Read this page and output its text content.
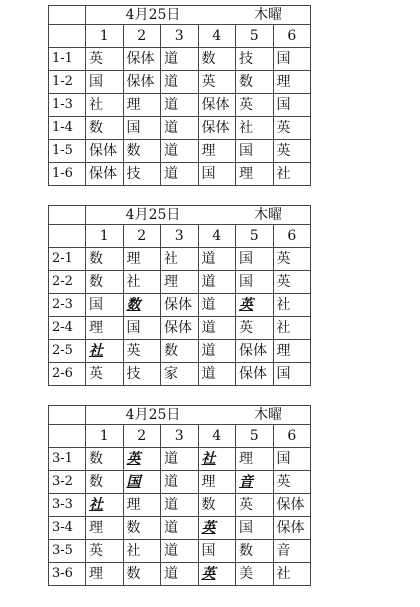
	4月25日 木曜					
	1	2	3	4	5	6
1-1	英	保体	道	数	技	国
1-2	国	保体	道	英	数	理
1-3	社	理	道	保体	英	国
1-4	数	国	道	保体	社	英
1-5	保体	数	道	理	国	英
1-6	保体	技	道	国	理	社
	4月25日 木曜					
	1	2	3	4	5	6
2-1	数	理	社	道	国	英
2-2	数	社	理	道	国	英
2-3	国	数	保体	道	英	社
2-4	理	国	保体	道	英	社
2-5	社	英	数	道	保体	理
2-6	英	技	家	道	保体	国
	4月25日 木曜					
	1	2	3	4	5	6
3-1	数	英	道	社	理	国
3-2	数	国	道	理	音	英
3-3	社	理	道	数	英	保体
3-4	理	数	道	英	国	保体
3-5	英	社	道	国	数	音
3-6	理	数	道	英	美	社
